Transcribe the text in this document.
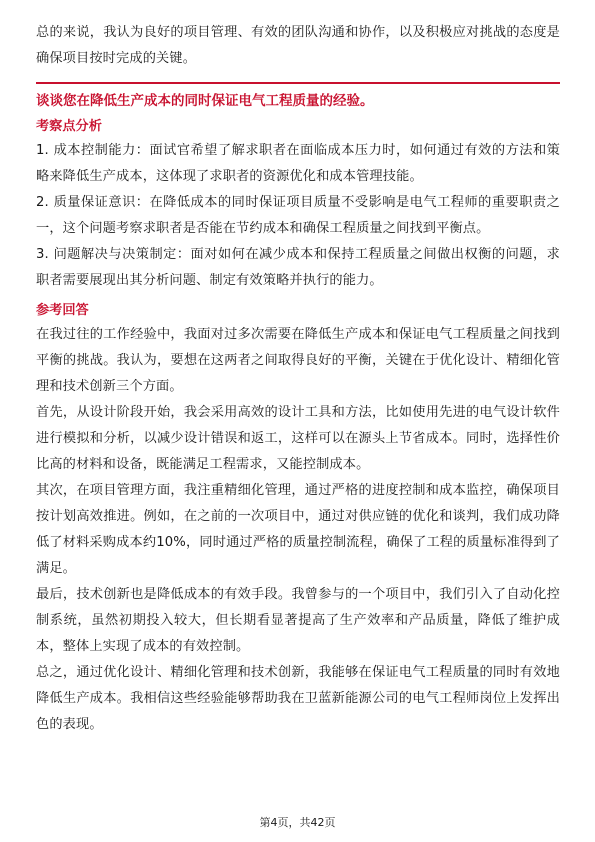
总的来说，我认为良好的项目管理、有效的团队沟通和协作，以及积极应对挑战的态度是确保项目按时完成的关键。

谈谈您在降低生产成本的同时保证电气工程质量的经验。
考察点分析

1. 成本控制能力：面试官希望了解求职者在面临成本压力时，如何通过有效的方法和策略来降低生产成本，这体现了求职者的资源优化和成本管理技能。

2. 质量保证意识：在降低成本的同时保证项目质量不受影响是电气工程师的重要职责之一，这个问题考察求职者是否能在节约成本和确保工程质量之间找到平衡点。

3. 问题解决与决策制定：面对如何在减少成本和保持工程质量之间做出权衡的问题，求职者需要展现出其分析问题、制定有效策略并执行的能力。

参考回答

在我过往的工作经验中，我面对过多次需要在降低生产成本和保证电气工程质量之间找到平衡的挑战。我认为，要想在这两者之间取得良好的平衡，关键在于优化设计、精细化管理和技术创新三个方面。

首先，从设计阶段开始，我会采用高效的设计工具和方法，比如使用先进的电气设计软件进行模拟和分析，以减少设计错误和返工，这样可以在源头上节省成本。同时，选择性价比高的材料和设备，既能满足工程需求，又能控制成本。

其次，在项目管理方面，我注重精细化管理，通过严格的进度控制和成本监控，确保项目按计划高效推进。例如，在之前的一次项目中，通过对供应链的优化和谈判，我们成功降低了材料采购成本约10%，同时通过严格的质量控制流程，确保了工程的质量标准得到了满足。

最后，技术创新也是降低成本的有效手段。我曾参与的一个项目中，我们引入了自动化控制系统，虽然初期投入较大，但长期看显著提高了生产效率和产品质量，降低了维护成本，整体上实现了成本的有效控制。

总之，通过优化设计、精细化管理和技术创新，我能够在保证电气工程质量的同时有效地降低生产成本。我相信这些经验能够帮助我在卫蓝新能源公司的电气工程师岗位上发挥出色的表现。

第4页，共42页
